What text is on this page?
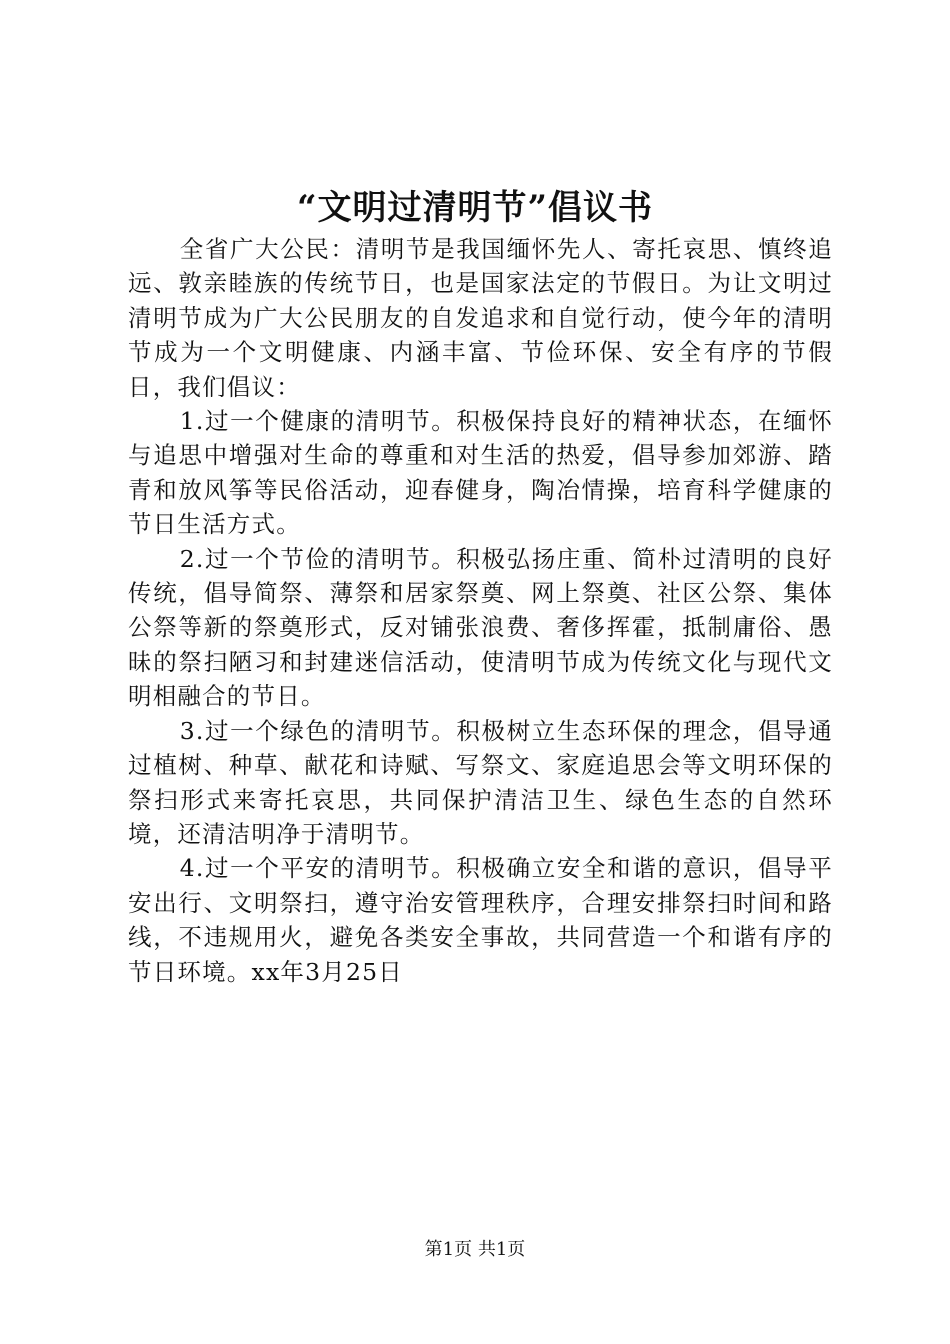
“文明过清明节”倡议书

全省广大公民：清明节是我国缅怀先人、寄托哀思、慎终追远、敦亲睦族的传统节日，也是国家法定的节假日。为让文明过清明节成为广大公民朋友的自发追求和自觉行动，使今年的清明节成为一个文明健康、内涵丰富、节俭环保、安全有序的节假日，我们倡议：

1.过一个健康的清明节。积极保持良好的精神状态，在缅怀与追思中增强对生命的尊重和对生活的热爱，倡导参加郊游、踏青和放风筝等民俗活动，迎春健身，陶冶情操，培育科学健康的节日生活方式。

2.过一个节俭的清明节。积极弘扬庄重、简朴过清明的良好传统，倡导简祭、薄祭和居家祭奠、网上祭奠、社区公祭、集体公祭等新的祭奠形式，反对铺张浪费、奢侈挥霍，抵制庸俗、愚昧的祭扫陋习和封建迷信活动，使清明节成为传统文化与现代文明相融合的节日。

3.过一个绿色的清明节。积极树立生态环保的理念，倡导通过植树、种草、献花和诗赋、写祭文、家庭追思会等文明环保的祭扫形式来寄托哀思，共同保护清洁卫生、绿色生态的自然环境，还清洁明净于清明节。

4.过一个平安的清明节。积极确立安全和谐的意识，倡导平安出行、文明祭扫，遵守治安管理秩序，合理安排祭扫时间和路线，不违规用火，避免各类安全事故，共同营造一个和谐有序的节日环境。xx年3月25日

第1页 共1页
